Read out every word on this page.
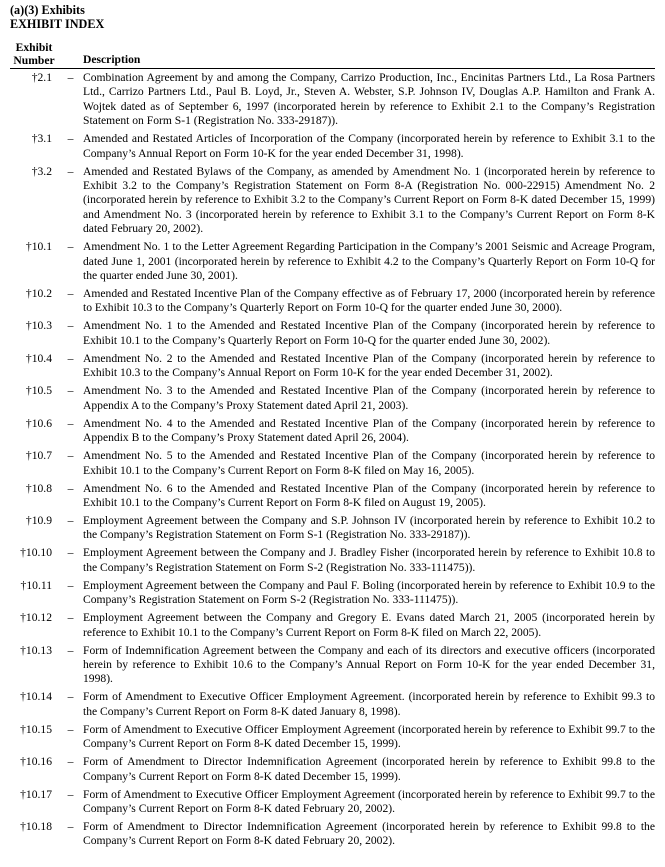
(a)(3) Exhibits
EXHIBIT INDEX
Exhibit
Number		Description
†2.1	–	Combination Agreement by and among the Company, Carrizo Production, Inc., Encinitas Partners Ltd., La Rosa Partners Ltd., Carrizo Partners Ltd., Paul B. Loyd, Jr., Steven A. Webster, S.P. Johnson IV, Douglas A.P. Hamilton and Frank A. Wojtek dated as of September 6, 1997 (incorporated herein by reference to Exhibit 2.1 to the Company’s Registration Statement on Form S-1 (Registration No. 333-29187)).
†3.1	–	Amended and Restated Articles of Incorporation of the Company (incorporated herein by reference to Exhibit 3.1 to the Company’s Annual Report on Form 10-K for the year ended December 31, 1998).
†3.2	–	Amended and Restated Bylaws of the Company, as amended by Amendment No. 1 (incorporated herein by reference to Exhibit 3.2 to the Company’s Registration Statement on Form 8-A (Registration No. 000-22915) Amendment No. 2 (incorporated herein by reference to Exhibit 3.2 to the Company’s Current Report on Form 8-K dated December 15, 1999) and Amendment No. 3 (incorporated herein by reference to Exhibit 3.1 to the Company’s Current Report on Form 8-K dated February 20, 2002).
†10.1	–	Amendment No. 1 to the Letter Agreement Regarding Participation in the Company’s 2001 Seismic and Acreage Program, dated June 1, 2001 (incorporated herein by reference to Exhibit 4.2 to the Company’s Quarterly Report on Form 10-Q for the quarter ended June 30, 2001).
†10.2	–	Amended and Restated Incentive Plan of the Company effective as of February 17, 2000 (incorporated herein by reference to Exhibit 10.3 to the Company’s Quarterly Report on Form 10-Q for the quarter ended June 30, 2000).
†10.3	–	Amendment No. 1 to the Amended and Restated Incentive Plan of the Company (incorporated herein by reference to Exhibit 10.1 to the Company’s Quarterly Report on Form 10-Q for the quarter ended June 30, 2002).
†10.4	–	Amendment No. 2 to the Amended and Restated Incentive Plan of the Company (incorporated herein by reference to Exhibit 10.3 to the Company’s Annual Report on Form 10-K for the year ended December 31, 2002).
†10.5	–	Amendment No. 3 to the Amended and Restated Incentive Plan of the Company (incorporated herein by reference to Appendix A to the Company’s Proxy Statement dated April 21, 2003).
†10.6	–	Amendment No. 4 to the Amended and Restated Incentive Plan of the Company (incorporated herein by reference to Appendix B to the Company’s Proxy Statement dated April 26, 2004).
†10.7	–	Amendment No. 5 to the Amended and Restated Incentive Plan of the Company (incorporated herein by reference to Exhibit 10.1 to the Company’s Current Report on Form 8-K filed on May 16, 2005).
†10.8	–	Amendment No. 6 to the Amended and Restated Incentive Plan of the Company (incorporated herein by reference to Exhibit 10.1 to the Company’s Current Report on Form 8-K filed on August 19, 2005).
†10.9	–	Employment Agreement between the Company and S.P. Johnson IV (incorporated herein by reference to Exhibit 10.2 to the Company’s Registration Statement on Form S-1 (Registration No. 333-29187)).
†10.10	–	Employment Agreement between the Company and J. Bradley Fisher (incorporated herein by reference to Exhibit 10.8 to the Company’s Registration Statement on Form S-2 (Registration No. 333-111475)).
†10.11	–	Employment Agreement between the Company and Paul F. Boling (incorporated herein by reference to Exhibit 10.9 to the Company’s Registration Statement on Form S-2 (Registration No. 333-111475)).
†10.12	–	Employment Agreement between the Company and Gregory E. Evans dated March 21, 2005 (incorporated herein by reference to Exhibit 10.1 to the Company’s Current Report on Form 8-K filed on March 22, 2005).
†10.13	–	Form of Indemnification Agreement between the Company and each of its directors and executive officers (incorporated herein by reference to Exhibit 10.6 to the Company’s Annual Report on Form 10-K for the year ended December 31, 1998).
†10.14	–	Form of Amendment to Executive Officer Employment Agreement. (incorporated herein by reference to Exhibit 99.3 to the Company’s Current Report on Form 8-K dated January 8, 1998).
†10.15	–	Form of Amendment to Executive Officer Employment Agreement (incorporated herein by reference to Exhibit 99.7 to the Company’s Current Report on Form 8-K dated December 15, 1999).
†10.16	–	Form of Amendment to Director Indemnification Agreement (incorporated herein by reference to Exhibit 99.8 to the Company’s Current Report on Form 8-K dated December 15, 1999).
†10.17	–	Form of Amendment to Executive Officer Employment Agreement (incorporated herein by reference to Exhibit 99.7 to the Company’s Current Report on Form 8-K dated February 20, 2002).
†10.18	–	Form of Amendment to Director Indemnification Agreement (incorporated herein by reference to Exhibit 99.8 to the Company’s Current Report on Form 8-K dated February 20, 2002).
